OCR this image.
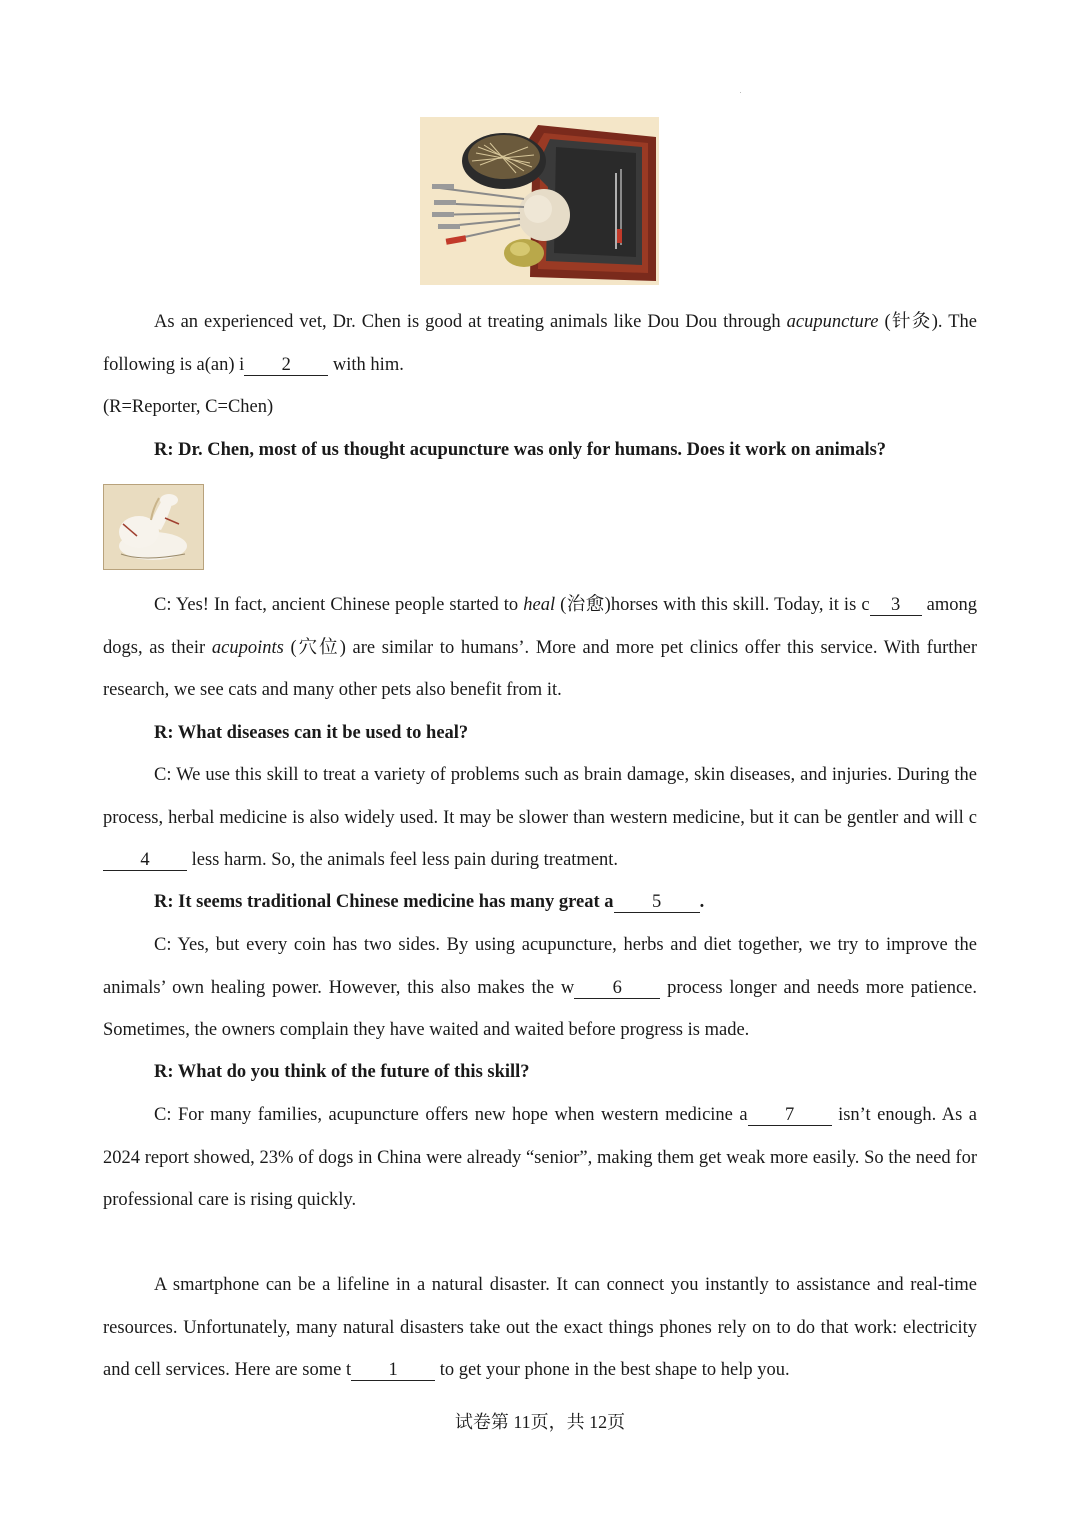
As an experienced vet, Dr. Chen is good at treating animals like Dou Dou through acupuncture (针灸). The following is a(an) i 2 with him.

(R=Reporter, C=Chen)

R: Dr. Chen, most of us thought acupuncture was only for humans. Does it work on animals?

C: Yes! In fact, ancient Chinese people started to heal (治愈)horses with this skill. Today, it is c 3 among dogs, as their acupoints (穴位) are similar to humans’. More and more pet clinics offer this service. With further research, we see cats and many other pets also benefit from it.

R: What diseases can it be used to heal?

C: We use this skill to treat a variety of problems such as brain damage, skin diseases, and injuries. During the process, herbal medicine is also widely used. It may be slower than western medicine, but it can be gentler and will c4 less harm. So, the animals feel less pain during treatment.

R: It seems traditional Chinese medicine has many great a 5 .

C: Yes, but every coin has two sides. By using acupuncture, herbs and diet together, we try to improve the animals’ own healing power. However, this also makes the w 6 process longer and needs more patience. Sometimes, the owners complain they have waited and waited before progress is made.

R: What do you think of the future of this skill?

C: For many families, acupuncture offers new hope when western medicine a 7 isn’t enough. As a 2024 report showed, 23% of dogs in China were already “senior”, making them get weak more easily. So the need for professional care is rising quickly.

A smartphone can be a lifeline in a natural disaster. It can connect you instantly to assistance and real-time resources. Unfortunately, many natural disasters take out the exact things phones rely on to do that work: electricity and cell services. Here are some t 1 to get your phone in the best shape to help you.

试卷第 11页，共 12页
